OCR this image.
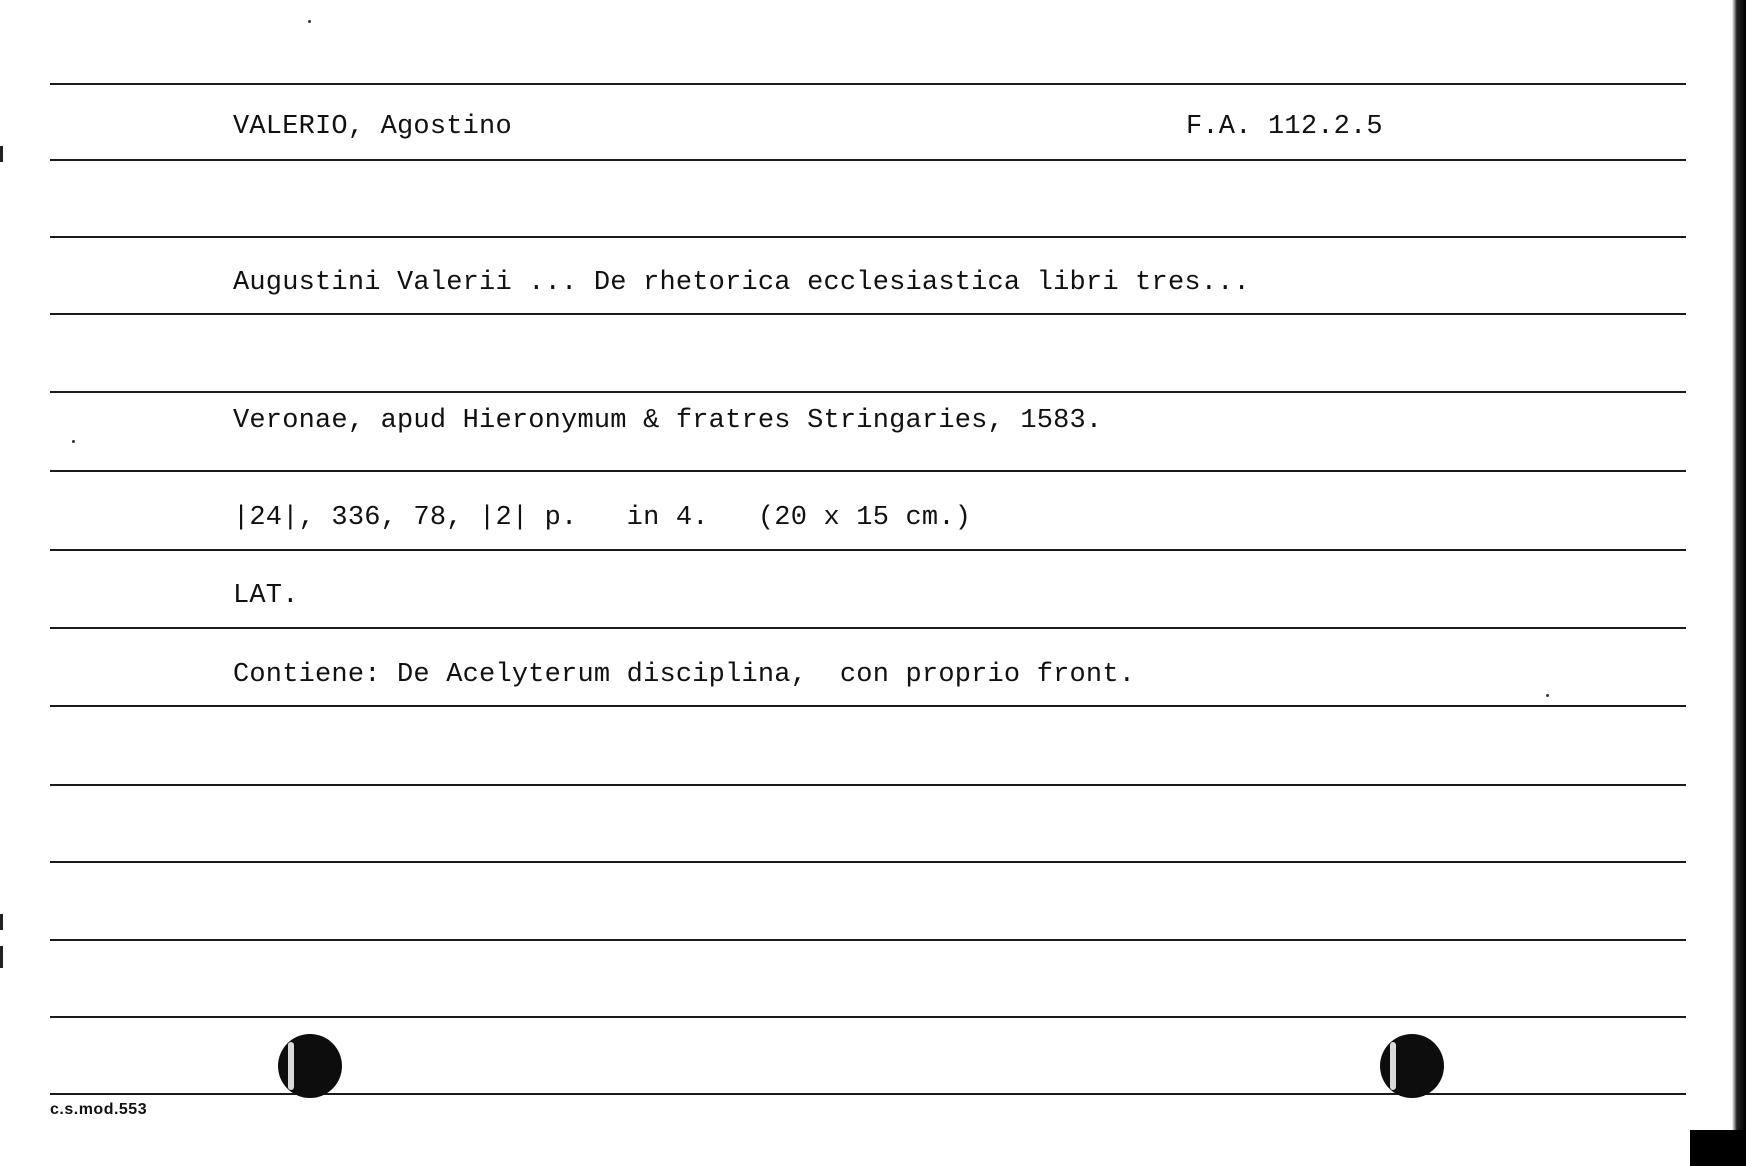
VALERIO, Agostino	F.A. 112.2.5
Augustini Valerii ... De rhetorica ecclesiastica libri tres...
Veronae, apud Hieronymum & fratres Stringaries, 1583.
|24|, 336, 78, |2| p.   in 4.   (20 x 15 cm.)
LAT.
Contiene: De Acelyterum disciplina,  con proprio front.
c.s.mod.553
